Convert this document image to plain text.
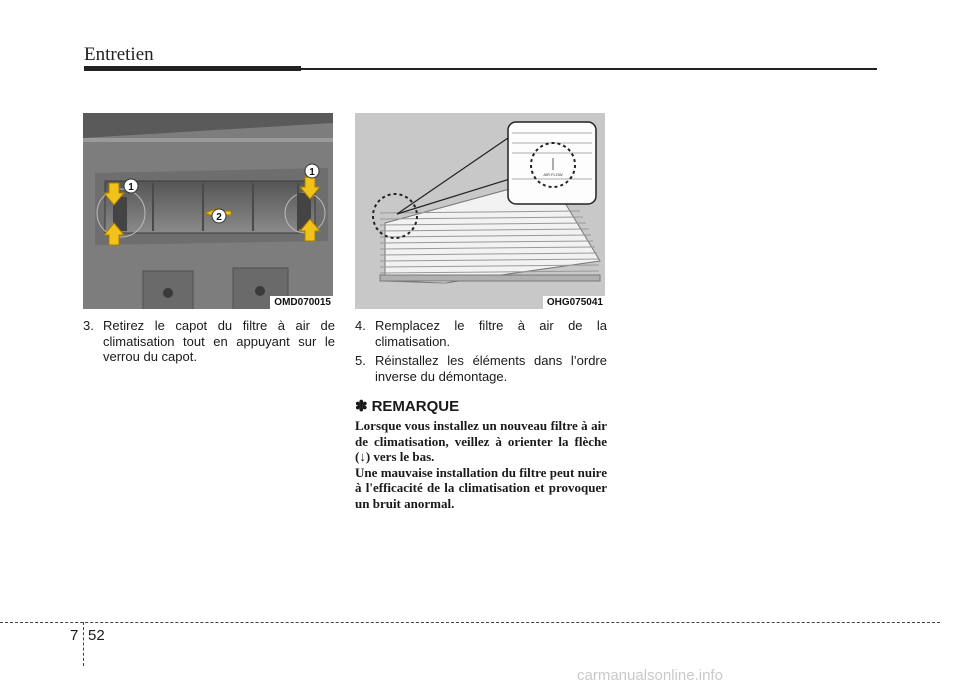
Entretien
1
1
2
OMD070015
AIR FLOW
OHG075041
3. Retirez le capot du filtre à air de climatisation tout en appuyant sur le verrou du capot.
4. Remplacez le filtre à air de la climatisation.
5. Réinstallez les éléments dans l’ordre inverse du démontage.
✽ REMARQUE
Lorsque vous installez un nouveau filtre à air de climatisation, veillez à orienter la flèche (↓) vers le bas.
Une mauvaise installation du filtre peut nuire à l'efficacité de la climatisation et provoquer un bruit anormal.
7 52
carmanualsonline.info
